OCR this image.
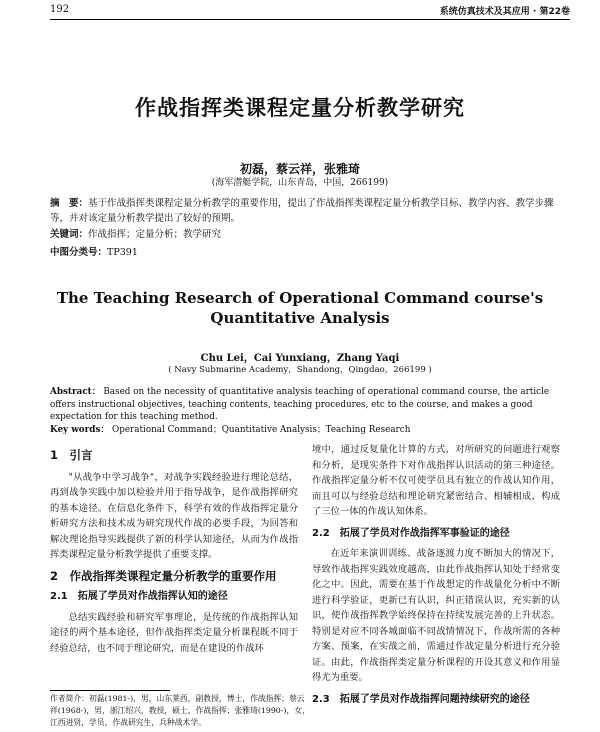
192	系统仿真技术及其应用 · 第22卷
作战指挥类课程定量分析教学研究
初磊，蔡云祥，张雅琦
(海军潜艇学院，山东青岛，中国，266199)
摘　要：基于作战指挥类课程定量分析教学的重要作用，提出了作战指挥类课程定量分析教学目标、教学内容、教学步骤等，并对该定量分析教学提出了较好的预期。
关键词：作战指挥；定量分析；教学研究
中图分类号：TP391
The Teaching Research of Operational Command course's
Quantitative Analysis
Chu Lei，Cai Yunxiang，Zhang Yaqi
( Navy Submarine Academy，Shandong，Qingdao，266199 )
Abstract： Based on the necessity of quantitative analysis teaching of operational command course, the article offers instructional objectives, teaching contents, teaching procedures, etc to the course, and makes a good expectation for this teaching method.
Key words： Operational Command；Quantitative Analysis；Teaching Research
1　引言

"从战争中学习战争"，对战争实践经验进行理论总结，再到战争实践中加以检验并用于指导战争，是作战指挥研究的基本途径。在信息化条件下，科学有效的作战指挥定量分析研究方法和技术成为研究现代作战的必要手段，为回答和解决理论指导实践提供了新的科学认知途径，从而为作战指挥类课程定量分析教学提供了重要支撑。

2　作战指挥类课程定量分析教学的重要作用
2.1　拓展了学员对作战指挥认知的途径

总结实践经验和研究军事理论，是传统的作战指挥认知途径的两个基本途径，但作战指挥类定量分析课程既不同于经验总结，也不同于理论研究，而是在建设的作战环

境中，通过反复量化计算的方式，对所研究的问题进行观察和分析，是现实条件下对作战指挥认识活动的第三种途径。作战指挥定量分析不仅可使学员具有独立的作战认知作用，而且可以与经验总结和理论研究紧密结合、相辅相成，构成了三位一体的作战认知体系。

2.2　拓展了学员对作战指挥军事验证的途径

在近年来演训训练、战备逐渡力度不断加大的情况下，导致作战指挥实践效度越高，由此作战指挥认知处于经常变化之中。因此，需要在基于作战想定的作战量化分析中不断进行科学验证，更新已有认识，纠正错误认识，充实新的认识，使作战指挥教学始终保持在持续发展完善的上升状态。特别是对应不同各城面临不同战情情况下，作战所需的各种方案、预案，在实战之前，需通过作战定量分析进行充分验证。由此，作战指挥类定量分析课程的开设其意义和作用显得尤为重要。

2.3　拓展了学员对作战指挥问题持续研究的途径
作者简介：初磊(1981-)，男，山东莱西，副教授，博士，作战指挥；蔡云祥(1968-)，男，浙江绍兴，教授，硕士，作战指挥；张雅琦(1990-)，女，江西进贤，学员，作战研究生，兵种战术学。
